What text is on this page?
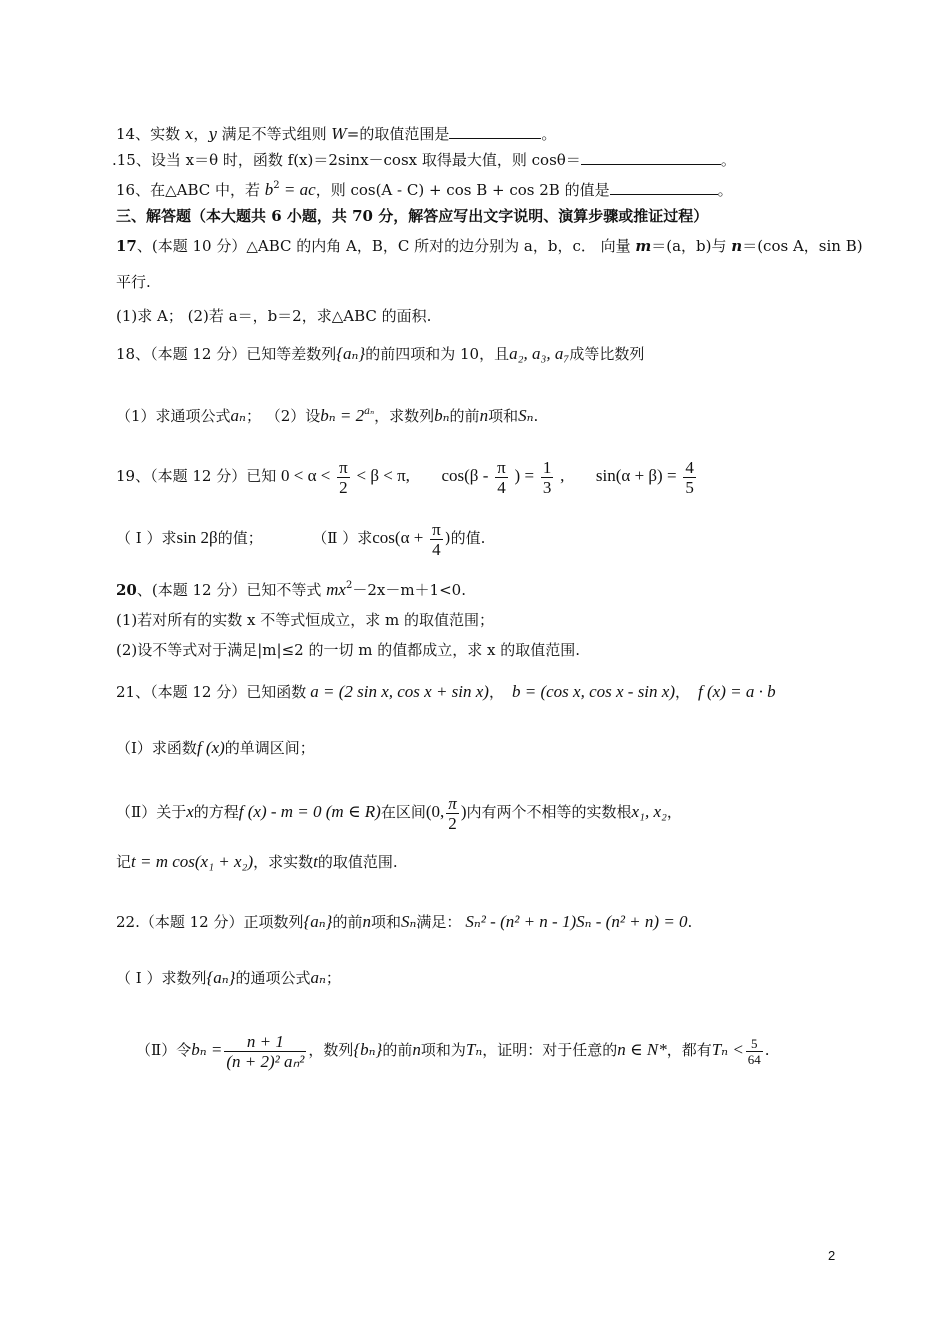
14、实数 x，y 满足不等式组则 W=的取值范围是	。
.15、设当 x＝θ 时，函数 f(x)＝2sinx－cosx 取得最大值，则 cosθ＝	。
16、在△ABC 中，若 $b^2$ = ac，则 cos(A - C) + cos B + cos 2B 的值是	。
三、解答题（本大题共 6 小题，共 70 分，解答应写出文字说明、演算步骤或推证过程）
17、(本题 10 分）△ABC 的内角 A，B，C 所对的边分别为 a，b，c． 向量 m＝(a，b)与 n＝(cos A，sin B)
平行.
(1)求 A； (2)若 a＝，b＝2，求△ABC 的面积.
18、（本题 12 分）已知等差数列{aₙ}的前四项和为 10，且a₂, a₃, a₇成等比数列
（1）求通项公式aₙ； （2）设$b_n = 2^{a_n}$，求数列bₙ的前n项和Sₙ.
19、（本题 12 分）已知 $0 < \alpha < \frac{\pi}{2} < \beta < \pi$, $\cos(\beta - \frac{\pi}{4}$ ) = $\frac{1}{3}$ , $\sin(\alpha + \beta) = \frac{4}{5}$
（ Ⅰ ）求sin 2β的值；	（Ⅱ ）求$\cos(\alpha + \frac{\pi}{4}$ )的值.
20、(本题 12 分）已知不等式 $mx^2-2x-m+1<0$.
(1)若对所有的实数 x 不等式恒成立，求 m 的取值范围；
(2)设不等式对于满足|m|≤2 的一切 m 的值都成立，求 x 的取值范围.
21、（本题 12 分）已知函数 a = (2 sin x, cos x + sin x)， b = (cos x, cos x - sin x)， f (x) = a · b
（Ⅰ）求函数f (x)的单调区间；
（Ⅱ）关于x的方程f (x) - m = 0 (m ∈ R)在区间(0, $\frac{\pi}{2}$ )内有两个不相等的实数根x₁, x₂，
记t = m cos(x₁ + x₂)，求实数t的取值范围.
22.（本题 12 分）正项数列{aₙ}的前n项和Sₙ满足： Sₙ² - (n² + n - 1)Sₙ - (n² + n) = 0.
（ Ⅰ ）求数列{aₙ}的通项公式aₙ；
（Ⅱ）令$b_n = \frac{n + 1}{\text{(n + 2)² aₙ²}}$ ，数列{bₙ}的前n项和为Tₙ，证明：对于任意的n ∈ N*，都有$T_n < \frac{5}{64}$ .
2
